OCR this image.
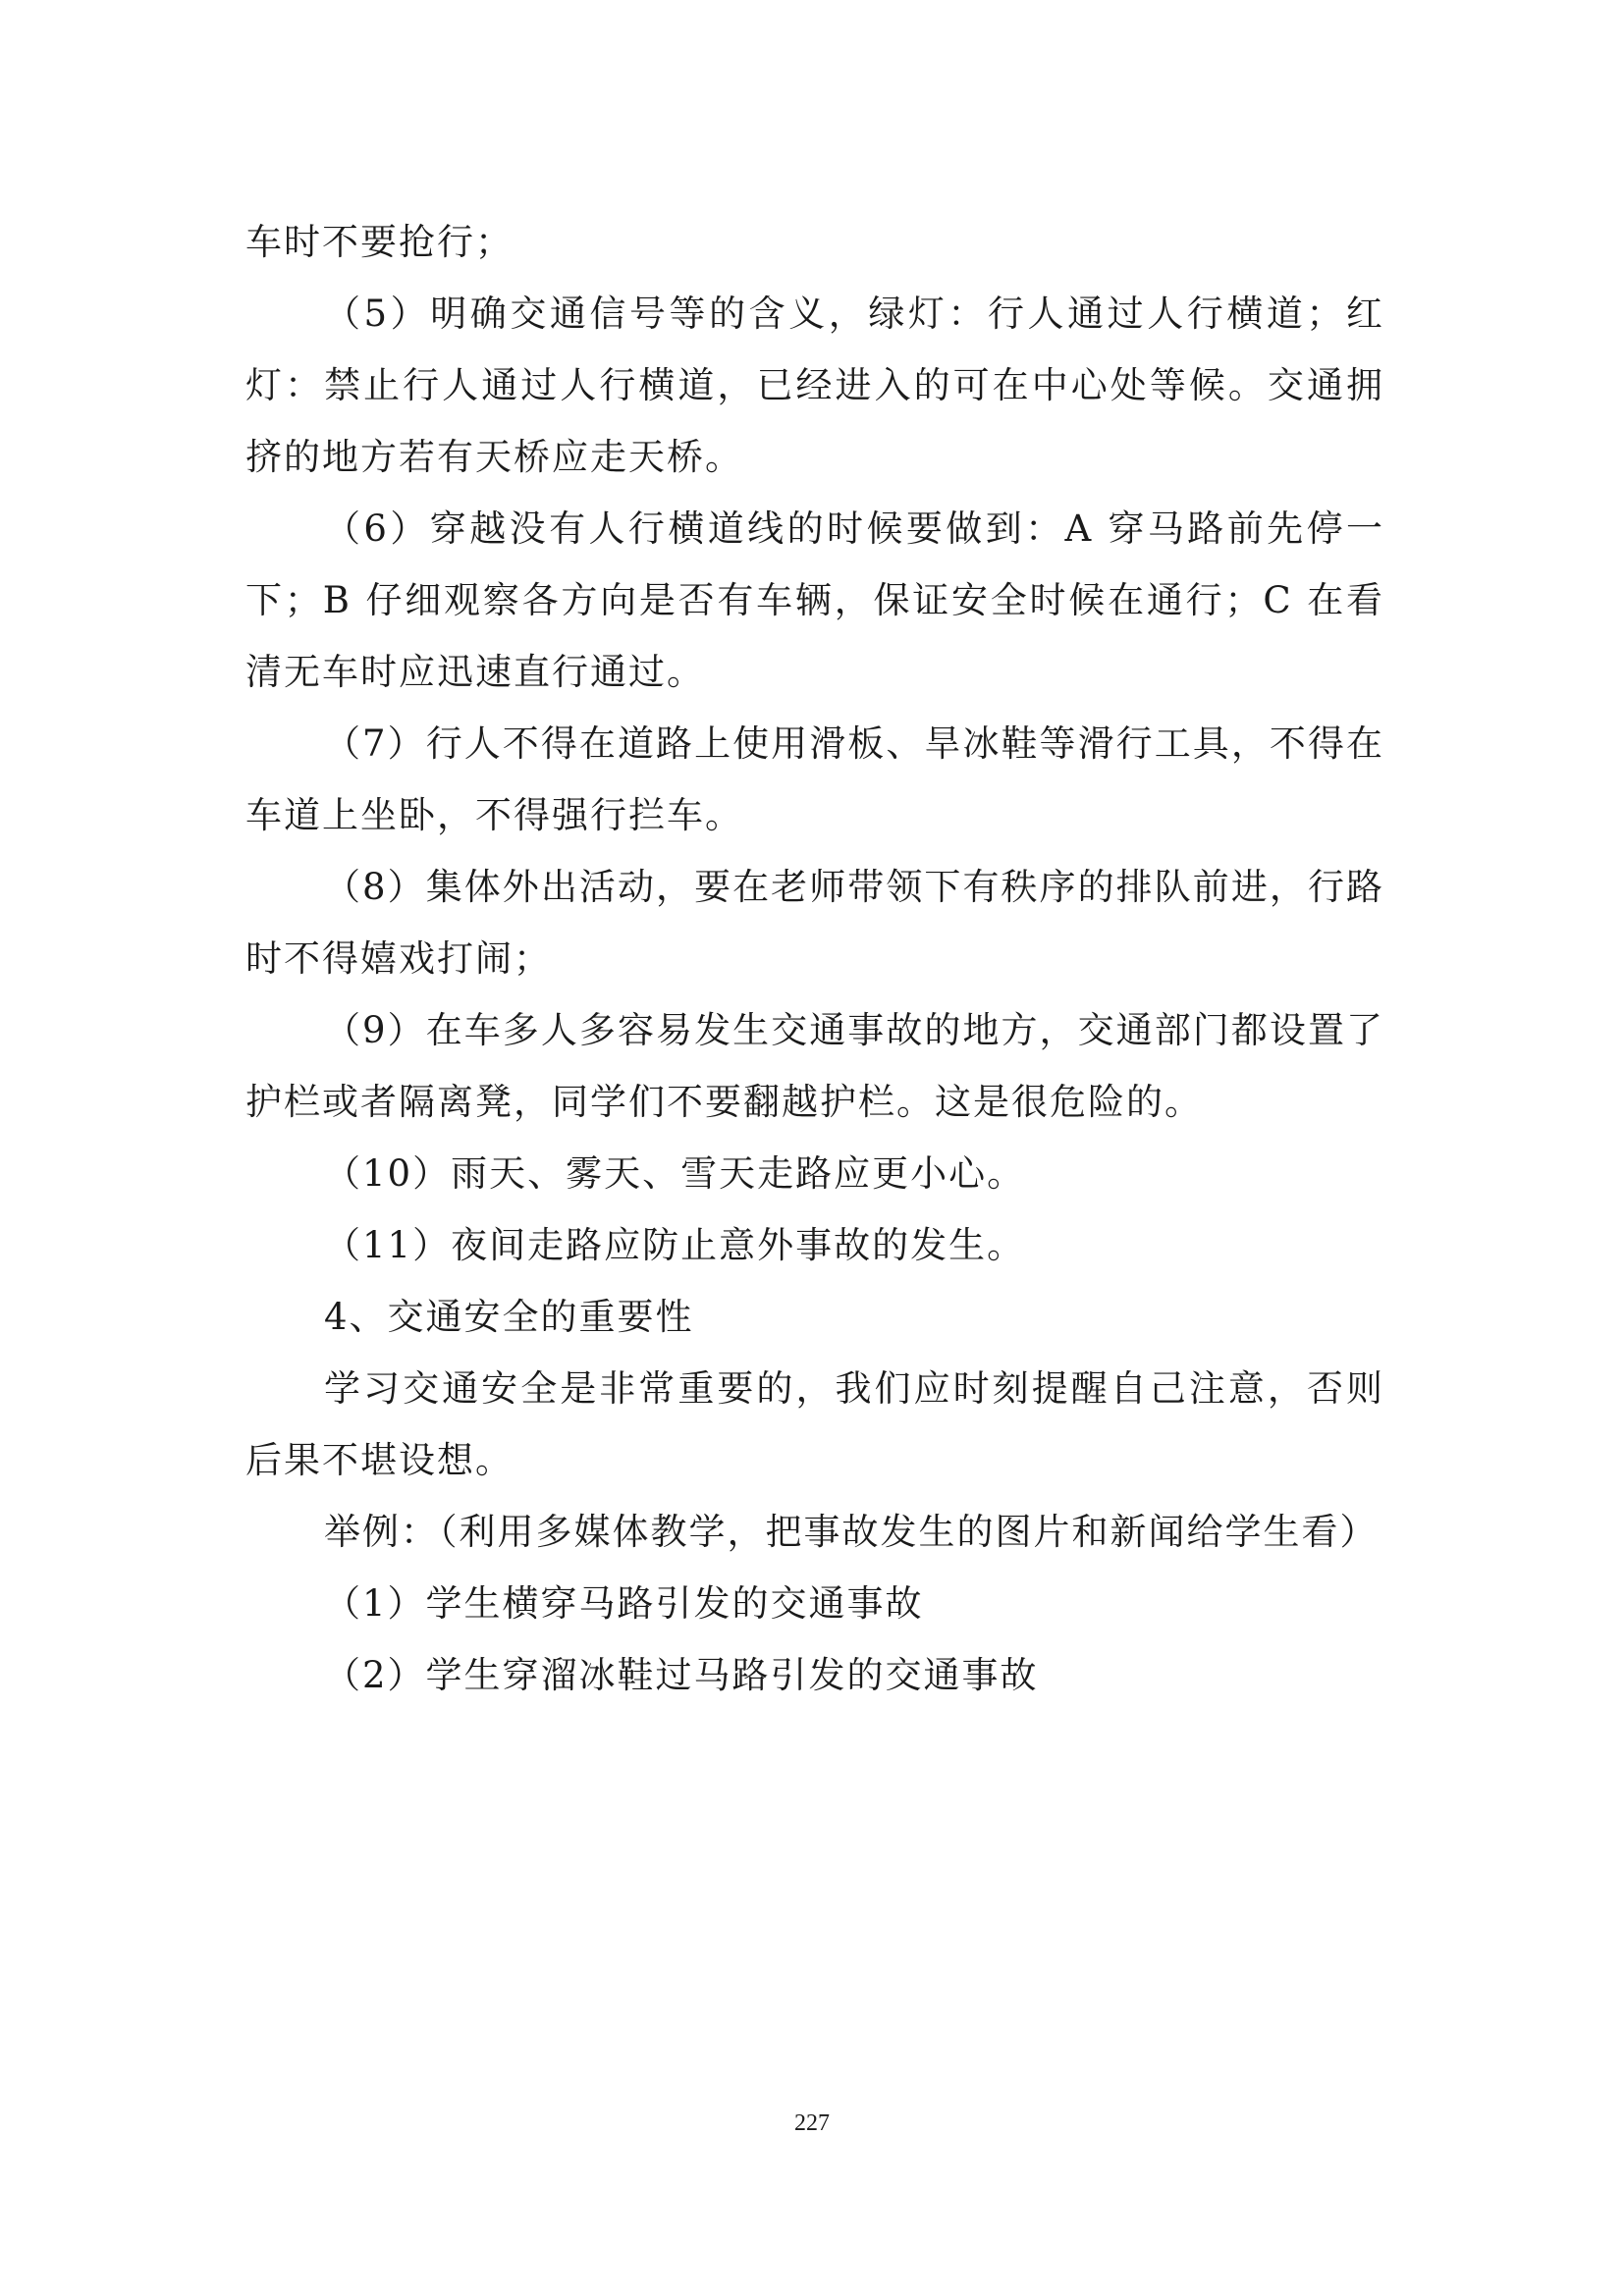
车时不要抢行；

（5）明确交通信号等的含义，绿灯：行人通过人行横道；红灯：禁止行人通过人行横道，已经进入的可在中心处等候。交通拥挤的地方若有天桥应走天桥。

（6）穿越没有人行横道线的时候要做到：A 穿马路前先停一下；B 仔细观察各方向是否有车辆，保证安全时候在通行；C 在看清无车时应迅速直行通过。

（7）行人不得在道路上使用滑板、旱冰鞋等滑行工具，不得在车道上坐卧，不得强行拦车。

（8）集体外出活动，要在老师带领下有秩序的排队前进，行路时不得嬉戏打闹；

（9）在车多人多容易发生交通事故的地方，交通部门都设置了护栏或者隔离凳，同学们不要翻越护栏。这是很危险的。

（10）雨天、雾天、雪天走路应更小心。

（11）夜间走路应防止意外事故的发生。

4、交通安全的重要性

学习交通安全是非常重要的，我们应时刻提醒自己注意，否则后果不堪设想。

举例：（利用多媒体教学，把事故发生的图片和新闻给学生看）

（1）学生横穿马路引发的交通事故

（2）学生穿溜冰鞋过马路引发的交通事故

227
